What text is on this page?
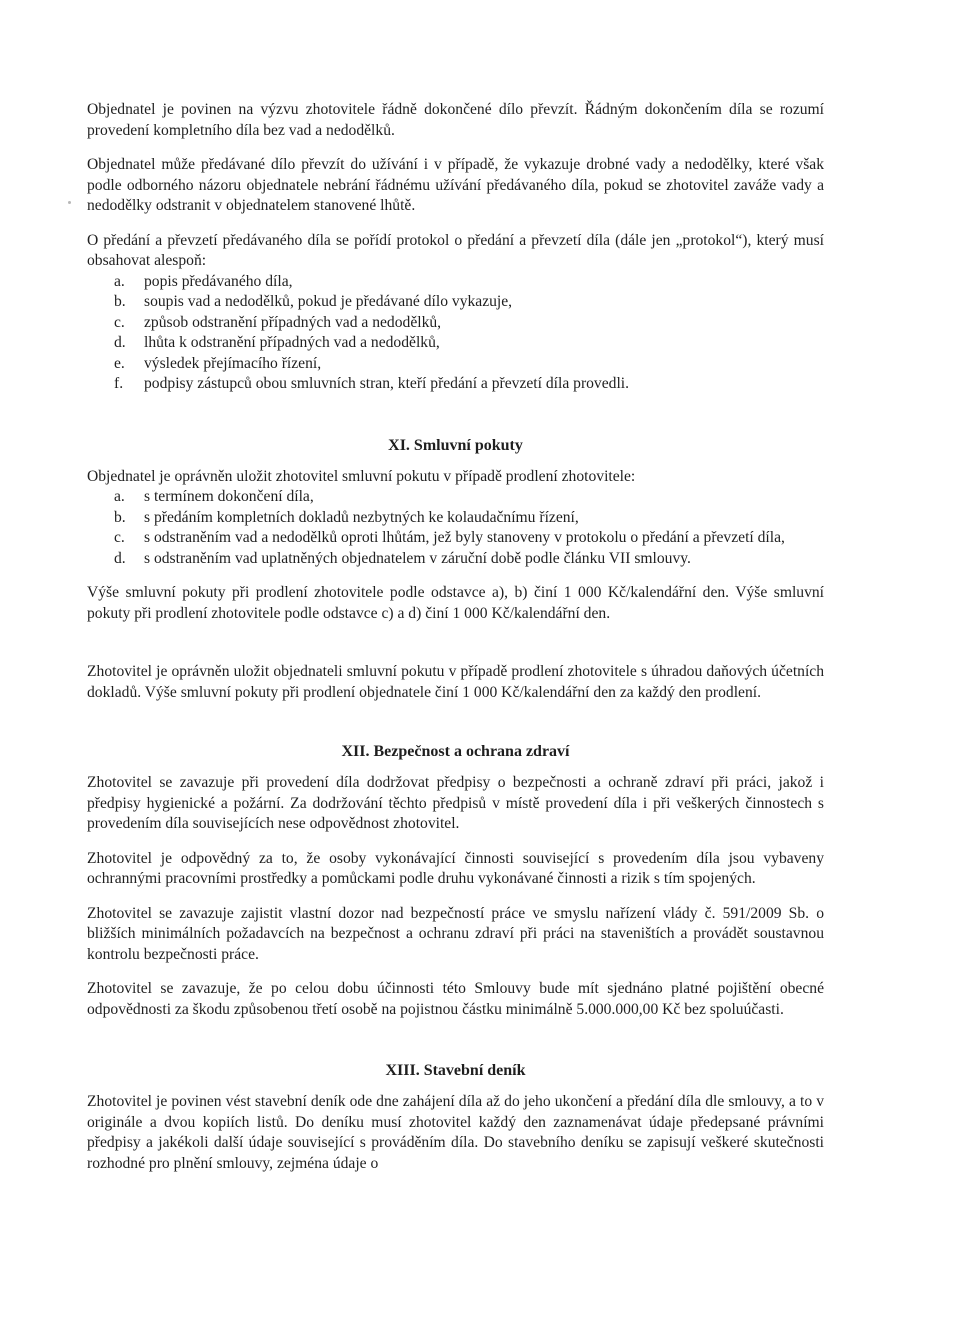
Objednatel je povinen na výzvu zhotovitele řádně dokončené dílo převzít. Řádným dokončením díla se rozumí provedení kompletního díla bez vad a nedodělků.

Objednatel může předávané dílo převzít do užívání i v případě, že vykazuje drobné vady a nedodělky, které však podle odborného názoru objednatele nebrání řádnému užívání předávaného díla, pokud se zhotovitel zaváže vady a nedodělky odstranit v objednatelem stanovené lhůtě.

O předání a převzetí předávaného díla se pořídí protokol o předání a převzetí díla (dále jen „protokol“), který musí obsahovat alespoň:

a. popis předávaného díla,
b. soupis vad a nedodělků, pokud je předávané dílo vykazuje,
c. způsob odstranění případných vad a nedodělků,
d. lhůta k odstranění případných vad a nedodělků,
e. výsledek přejímacího řízení,
f. podpisy zástupců obou smluvních stran, kteří předání a převzetí díla provedli.
XI. Smluvní pokuty

Objednatel je oprávněn uložit zhotovitel smluvní pokutu v případě prodlení zhotovitele:

a. s termínem dokončení díla,
b. s předáním kompletních dokladů nezbytných ke kolaudačnímu řízení,
c. s odstraněním vad a nedodělků oproti lhůtám, jež byly stanoveny v protokolu o předání a převzetí díla,
d. s odstraněním vad uplatněných objednatelem v záruční době podle článku VII smlouvy.

Výše smluvní pokuty při prodlení zhotovitele podle odstavce a), b) činí 1 000 Kč/kalendářní den. Výše smluvní pokuty při prodlení zhotovitele podle odstavce c) a d) činí 1 000 Kč/kalendářní den.

Zhotovitel je oprávněn uložit objednateli smluvní pokutu v případě prodlení zhotovitele s úhradou daňových účetních dokladů. Výše smluvní pokuty při prodlení objednatele činí 1 000 Kč/kalendářní den za každý den prodlení.

XII. Bezpečnost a ochrana zdraví

Zhotovitel se zavazuje při provedení díla dodržovat předpisy o bezpečnosti a ochraně zdraví při práci, jakož i předpisy hygienické a požární. Za dodržování těchto předpisů v místě provedení díla i při veškerých činnostech s provedením díla souvisejících nese odpovědnost zhotovitel.

Zhotovitel je odpovědný za to, že osoby vykonávající činnosti související s provedením díla jsou vybaveny ochrannými pracovními prostředky a pomůckami podle druhu vykonávané činnosti a rizik s tím spojených.

Zhotovitel se zavazuje zajistit vlastní dozor nad bezpečností práce ve smyslu nařízení vlády č. 591/2009 Sb. o bližších minimálních požadavcích na bezpečnost a ochranu zdraví při práci na staveništích a provádět soustavnou kontrolu bezpečnosti práce.

Zhotovitel se zavazuje, že po celou dobu účinnosti této Smlouvy bude mít sjednáno platné pojištění obecné odpovědnosti za škodu způsobenou třetí osobě na pojistnou částku minimálně 5.000.000,00 Kč bez spoluúčasti.

XIII. Stavební deník

Zhotovitel je povinen vést stavební deník ode dne zahájení díla až do jeho ukončení a předání díla dle smlouvy, a to v originále a dvou kopiích listů. Do deníku musí zhotovitel každý den zaznamenávat údaje předepsané právními předpisy a jakékoli další údaje související s prováděním díla. Do stavebního deníku se zapisují veškeré skutečnosti rozhodné pro plnění smlouvy, zejména údaje o
